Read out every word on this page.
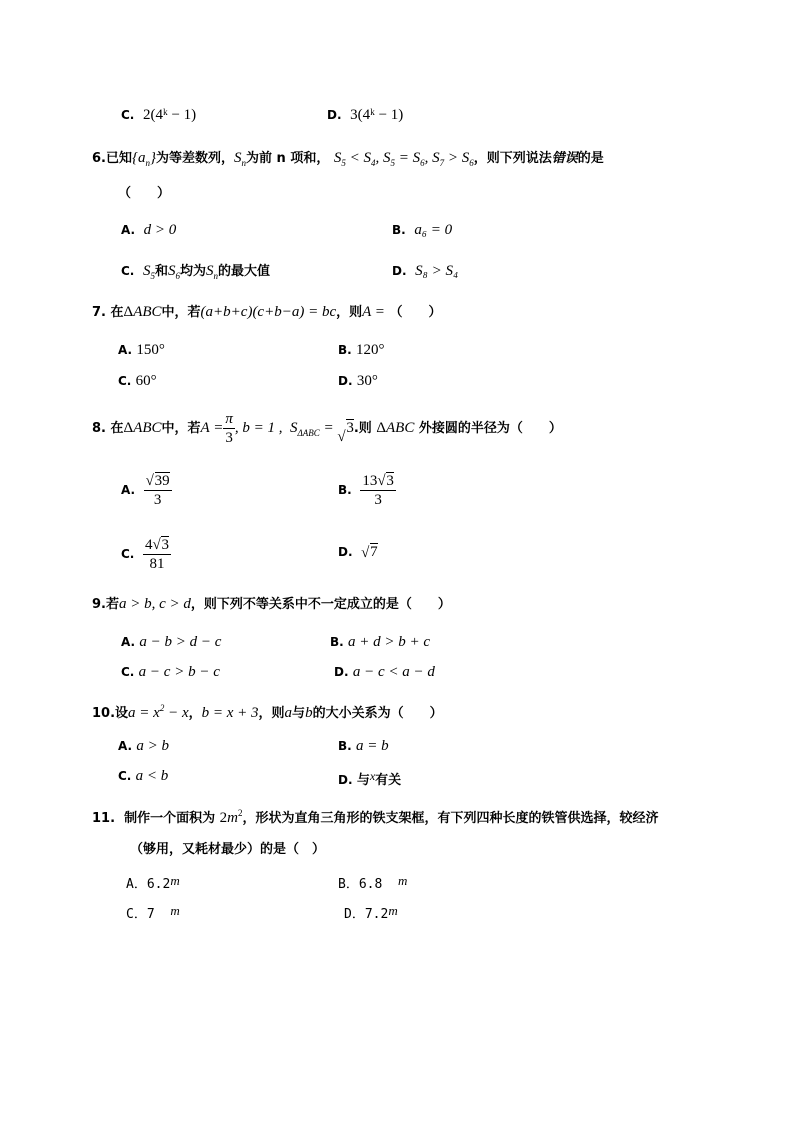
C. 2(4ᵏ − 1)	D. 3(4ᵏ − 1)
6.已知$\{a_n\}$为等差数列，$S_n$为前 n 项和， $S_5 < S_4$, $S_5 = S_6$, $S_7 > S_6$，则下列说法错误的是
（　　）
A. d > 0	B. a₆ = 0
C. $S_5$和$S_6$均为$S_n$的最大值	D. S₈ > S₄
7. 在ΔABC中，若(a+b+c)(c+b−a) = bc，则A = （　　）
A. 150°	B. 120°
C. 60°	D. 30°
8. 在ΔABC中，若$A = \frac{\pi}{3}$ , b = 1 ,  $S_{\Delta ABC}$ = √ 3.则 ΔABC 外接圆的半径为（　　）
A. √ $\frac{39}{3}$	B. $\frac{13 √ 3}{3}$
C. $\frac{4 √ 3}{81}$	D. √ 7
9.若a > b, c > d，则下列不等关系中不一定成立的是（　　）
A. a − b > d − c	B. a + d > b + c
C. a − c > b − c	D. a − c < a − d
10.设$a = x^2 - x$，b = x + 3，则a与b的大小关系为（　　）
A. a > b	B. a = b
C. a < b	D. 与x有关
11. 制作一个面积为 $2m^2$，形状为直角三角形的铁支架框，有下列四种长度的铁管供选择，较经济
（够用，又耗材最少）的是（　）
A．6.2m	B．6.8 m
C．7 m	D．7.2m
